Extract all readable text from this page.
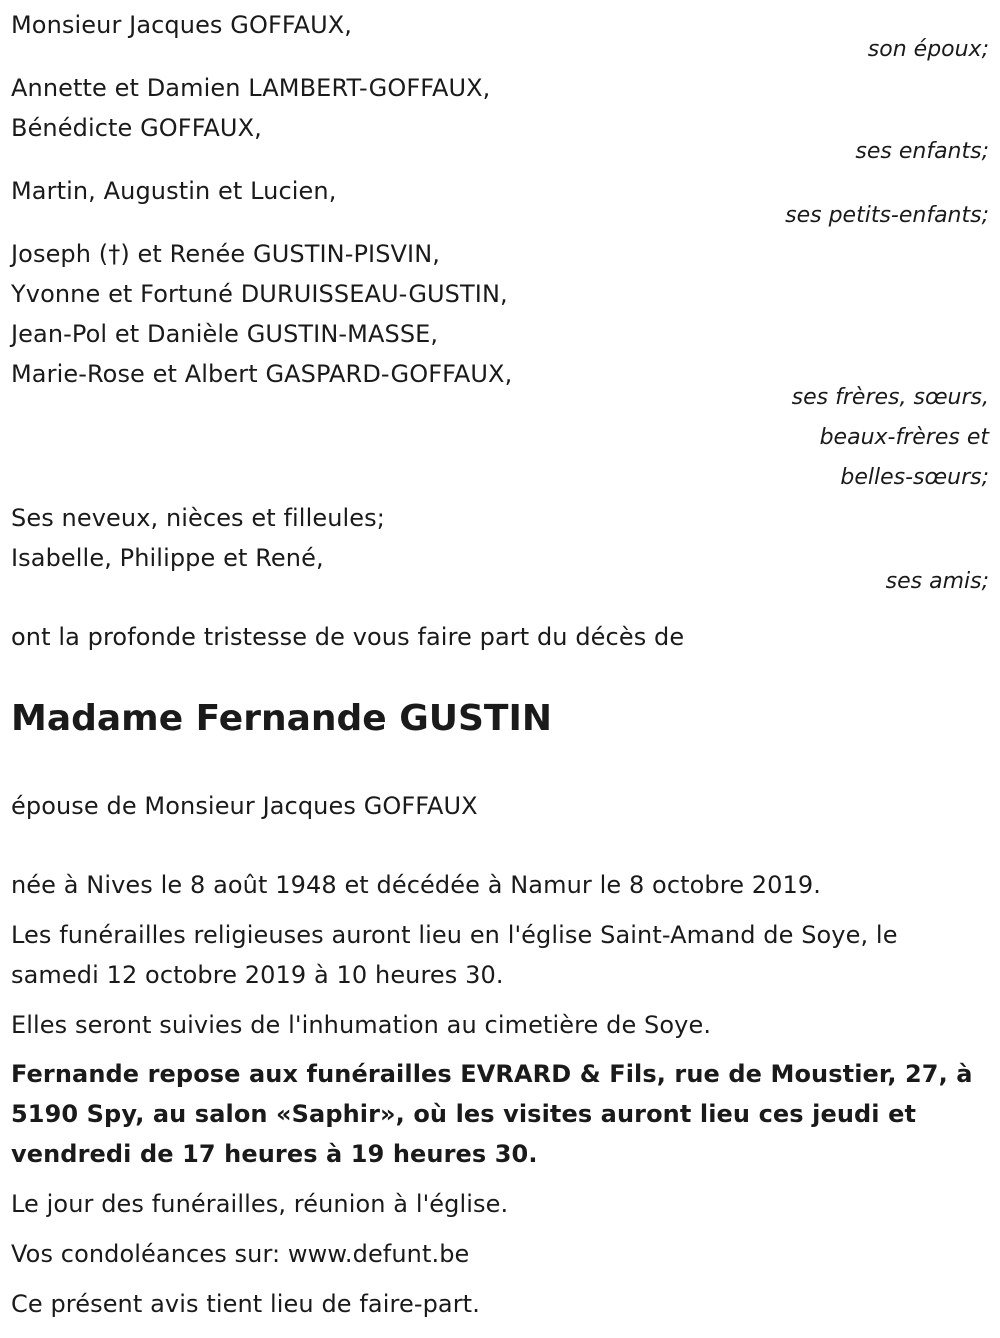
Monsieur Jacques GOFFAUX,
son époux;
Annette et Damien LAMBERT-GOFFAUX,
Bénédicte GOFFAUX,
ses enfants;
Martin, Augustin et Lucien,
ses petits-enfants;
Joseph (†) et Renée GUSTIN-PISVIN,
Yvonne et Fortuné DURUISSEAU-GUSTIN,
Jean-Pol et Danièle GUSTIN-MASSE,
Marie-Rose et Albert GASPARD-GOFFAUX,
ses frères, sœurs,
beaux-frères et
belles-sœurs;
Ses neveux, nièces et filleules;
Isabelle, Philippe et René,
ses amis;
ont la profonde tristesse de vous faire part du décès de
Madame Fernande GUSTIN
épouse de Monsieur Jacques GOFFAUX
née à Nives le 8 août 1948 et décédée à Namur le 8 octobre 2019.
Les funérailles religieuses auront lieu en l'église Saint-Amand de Soye, le
samedi 12 octobre 2019 à 10 heures 30.
Elles seront suivies de l'inhumation au cimetière de Soye.
Fernande repose aux funérailles EVRARD & Fils, rue de Moustier, 27, à
5190 Spy, au salon «Saphir», où les visites auront lieu ces jeudi et
vendredi de 17 heures à 19 heures 30.
Le jour des funérailles, réunion à l'église.
Vos condoléances sur: www.defunt.be
Ce présent avis tient lieu de faire-part.
